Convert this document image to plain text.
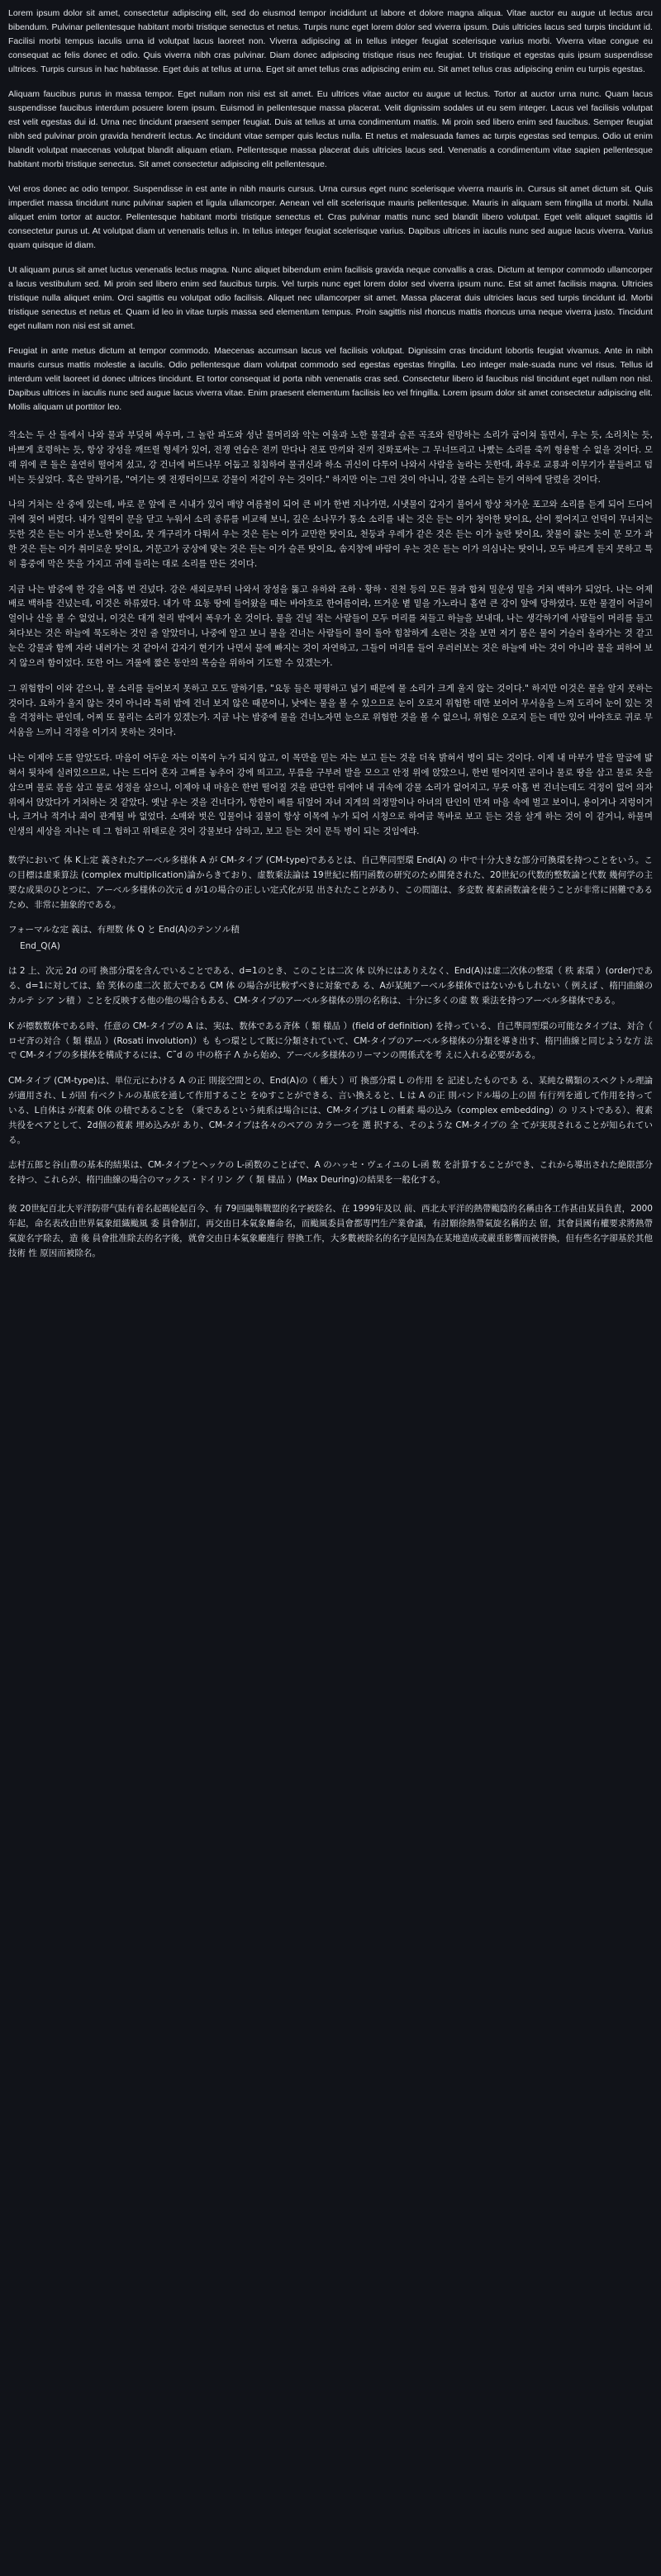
Lorem ipsum dolor sit amet, consectetur adipiscing elit, sed do eiusmod tempor incididunt ut labore et dolore magna aliqua. Vitae auctor eu augue ut lectus arcu bibendum. Pulvinar pellentesque habitant morbi tristique senectus et netus. Turpis nunc eget lorem dolor sed viverra ipsum. Duis ultricies lacus sed turpis tincidunt id. Facilisi morbi tempus iaculis urna id volutpat lacus laoreet non. Viverra adipiscing at in tellus integer feugiat scelerisque varius morbi. Viverra vitae congue eu consequat ac felis donec et odio. Quis viverra nibh cras pulvinar. Diam donec adipiscing tristique risus nec feugiat. Ut tristique et egestas quis ipsum suspendisse ultrices. Turpis cursus in hac habitasse. Eget duis at tellus at urna. Eget sit amet tellus cras adipiscing enim eu. Sit amet tellus cras adipiscing enim eu turpis egestas.

Aliquam faucibus purus in massa tempor. Eget nullam non nisi est sit amet. Eu ultrices vitae auctor eu augue ut lectus. Tortor at auctor urna nunc. Quam lacus suspendisse faucibus interdum posuere lorem ipsum. Euismod in pellentesque massa placerat. Velit dignissim sodales ut eu sem integer. Lacus vel facilisis volutpat est velit egestas dui id. Urna nec tincidunt praesent semper feugiat. Duis at tellus at urna condimentum mattis. Mi proin sed libero enim sed faucibus. Semper feugiat nibh sed pulvinar proin gravida hendrerit lectus. Ac tincidunt vitae semper quis lectus nulla. Et netus et malesuada fames ac turpis egestas sed tempus. Odio ut enim blandit volutpat maecenas volutpat blandit aliquam etiam. Pellentesque massa placerat duis ultricies lacus sed. Venenatis a condimentum vitae sapien pellentesque habitant morbi tristique senectus. Sit amet consectetur adipiscing elit pellentesque.

Vel eros donec ac odio tempor. Suspendisse in est ante in nibh mauris cursus. Urna cursus eget nunc scelerisque viverra mauris in. Cursus sit amet dictum sit. Quis imperdiet massa tincidunt nunc pulvinar sapien et ligula ullamcorper. Aenean vel elit scelerisque mauris pellentesque. Mauris in aliquam sem fringilla ut morbi. Nulla aliquet enim tortor at auctor. Pellentesque habitant morbi tristique senectus et. Cras pulvinar mattis nunc sed blandit libero volutpat. Eget velit aliquet sagittis id consectetur purus ut. At volutpat diam ut venenatis tellus in. In tellus integer feugiat scelerisque varius. Dapibus ultrices in iaculis nunc sed augue lacus viverra. Varius quam quisque id diam.

Ut aliquam purus sit amet luctus venenatis lectus magna. Nunc aliquet bibendum enim facilisis gravida neque convallis a cras. Dictum at tempor commodo ullamcorper a lacus vestibulum sed. Mi proin sed libero enim sed faucibus turpis. Vel turpis nunc eget lorem dolor sed viverra ipsum nunc. Est sit amet facilisis magna. Ultricies tristique nulla aliquet enim. Orci sagittis eu volutpat odio facilisis. Aliquet nec ullamcorper sit amet. Massa placerat duis ultricies lacus sed turpis tincidunt id. Morbi tristique senectus et netus et. Quam id leo in vitae turpis massa sed elementum tempus. Proin sagittis nisl rhoncus mattis rhoncus urna neque viverra justo. Tincidunt eget nullam non nisi est sit amet.

Feugiat in ante metus dictum at tempor commodo. Maecenas accumsan lacus vel facilisis volutpat. Dignissim cras tincidunt lobortis feugiat vivamus. Ante in nibh mauris cursus mattis molestie a iaculis. Odio pellentesque diam volutpat commodo sed egestas egestas fringilla. Leo integer male-suada nunc vel risus. Tellus id interdum velit laoreet id donec ultrices tincidunt. Et tortor consequat id porta nibh venenatis cras sed. Consectetur libero id faucibus nisl tincidunt eget nullam non nisl. Dapibus ultrices in iaculis nunc sed augue lacus viverra vitae. Enim praesent elementum facilisis leo vel fringilla. Lorem ipsum dolor sit amet consectetur adipiscing elit. Mollis aliquam ut porttitor leo.

작소는 두 산 돌에서 나와 물과 부딪혀 싸우며, 그 놀란 파도와 성난 물머리와 악는 여울과 노한 물결과 슬픈 곡조와 원망하는 소리가 굽이쳐 돌면서, 우는 듯, 소리치는 듯, 바쁘게 호령하는 듯, 항상 장성을 깨뜨릴 형세가 있어, 전쟁 연습은 전끼 만다나 전포 만끼와 전끼 전화포싸는 그 무너뜨리고 나빴는 소리를 죽끼 형용할 수 없을 것이다. 모래 위에 큰 돌은 울연히 떨어져 섰고, 강 건너에 버드나무 어둡고 침침하여 물귀신과 하소 귀신이 다투어 나와서 사람을 놀라는 듯한대, 좌우로 교룡과 이무기가 붙들려고 덤비는 듯싶었다. 혹은 말하기를, "여기는 옛 전쟁터이므로 강물이 저같이 우는 것이다." 하지만 이는 그런 것이 아니니, 강물 소리는 듣기 여하에 달렸을 것이다.

나의 거처는 산 중에 있는데, 바로 문 앞에 큰 시내가 있어 매양 여름철이 되어 큰 비가 한번 지나가면, 시냇물이 갑자기 불어서 항상 차가운 포고와 소리를 듣게 되어 드디어 귀에 젖어 버렸다. 내가 일찍이 문을 닫고 누워서 소리 종류를 비교해 보니, 깊은 소나무가 통소 소리를 내는 것은 듣는 이가 청아한 탓이요, 산이 찢어지고 언덕이 무너지는 듯한 것은 듣는 이가 분노한 탓이요, 뭇 개구리가 다퉈서 우는 것은 듣는 이가 교만한 탓이요, 천둥과 우레가 같은 것은 듣는 이가 놀란 탓이요, 찻물이 끓는 듯이 문 모가 과한 것은 듣는 이가 취미로운 탓이요, 거문고가 궁상에 맞는 것은 듣는 이가 슬픈 탓이요, 솜지창에 바람이 우는 것은 듣는 이가 의심나는 탓이니, 모두 바르게 듣지 못하고 특히 흉중에 막은 뜻을 가지고 귀에 들리는 대로 소리를 만든 것이다.

지금 나는 밤중에 한 강을 여홉 번 건넜다. 강은 새외로부터 나와서 장성을 뚫고 유하와 조하ㆍ황하ㆍ진천 등의 모든 물과 합쳐 밀운성 밑을 거쳐 백하가 되었다. 나는 어제 배로 백하를 건넜는데, 이것은 하류였다. 내가 막 요동 땅에 들어왔을 떄는 바야흐로 한여름이라, 뜨거운 볕 밑을 가노라니 홀연 큰 강이 앞에 당하였다. 또한 물결이 어글이 얼이나 산을 볼 수 없었니, 이것은 대개 천리 밖에서 폭우가 온 것이다. 물을 건널 적는 사람들이 모두 머리를 쳐들고 하늘을 보내대, 나는 생각하기에 사람들이 머리를 들고 쳐다보는 것은 하늘에 묵도하는 것인 줄 알았더니, 나중에 알고 보니 물을 건너는 사람들이 물이 돌아 힘참하게 소린는 것을 보면 저기 몸은 물이 거슬러 올라가는 것 같고 눈은 강물과 함께 자라 내려가는 것 같아서 갑자기 현기가 나면서 물에 빠지는 것이 자연하고, 그들이 머리를 들어 우러러보는 것은 하늘에 바는 것이 아니라 물을 피하여 보지 않으려 함이었다. 또한 어느 겨룰에 짧은 동안의 목숨을 위하여 기도할 수 있겠는가.

그 위험함이 이와 같으니, 물 소리를 들어보지 못하고 모도 말하기를, "요동 들은 평평하고 넓기 때문에 물 소리가 크게 울지 않는 것이다." 하지만 이것은 물을 알지 못하는 것이다. 요하가 울지 않는 것이 아니라 특히 밤에 건너 보지 않은 때문이니, 낮에는 물을 볼 수 있으므로 눈이 오로지 위험한 데만 보이어 무서움을 느껴 도리어 눈이 있는 것을 걱정하는 판인데, 어찌 또 물리는 소리가 있겠는가. 지금 나는 밤중에 물을 건너노자면 눈으로 위험한 것을 볼 수 없으니, 위험은 오로지 듣는 데만 있어 바야흐로 귀로 무서움을 느끼니 걱정을 이기지 못하는 것이다.

나는 이제야 도를 알았도다. 마음이 어두운 자는 이목이 누가 되지 않고, 이 목만을 믿는 자는 보고 듣는 것을 더욱 밝혀서 병이 되는 것이다. 이제 내 마부가 발을 말굽에 밟혀서 뒷차에 실려있으므로, 나는 드디어 혼자 고삐를 놓추어 강에 띄고고, 무릎을 구부려 발을 모으고 안정 위에 앉았으니, 한번 떨어지면 곧이나 물로 땅을 삼고 물로 옷을 삼으며 물로 몸을 삼고 물로 성정을 삼으니, 이제야 내 마음은 한번 떨어질 것을 판단한 뒤에야 내 귀속에 강물 소리가 없어지고, 무릇 아홉 번 건너는데도 걱정이 없어 의자 위에서 앉았다가 거처하는 것 같았다. 옛날 우는 것을 건너다가, 항한이 배를 뒤엎어 자녀 지게의 의정말이나 아녀의 탄인이 만져 마음 속에 벌고 보이니, 용이거나 지렁이거나, 크거나 적거나 죄이 관계될 바 없었다. 소매와 벗은 입물이나 짐물이 항상 이목에 누가 되어 시청으로 하여금 똑바로 보고 듣는 것을 살게 하는 것이 이 같거니, 하물며 인생의 세상을 지나는 데 그 험하고 위태로운 것이 강물보다 삼하고, 보고 듣는 것이 문득 병이 되는 것임에랴.

数学において 体 K上定 義されたアーベル多様体 A が CM-タイプ (CM-type)であるとは、自己準同型環 End(A) の 中で十分大きな部分可換環を持つことをいう。この目標は虚乗算法 (complex multiplication)論からきており、虚数乗法論は 19世紀に楕円函数の研究のため開発された、20世紀の代数的整数論と代数 幾何学の主要な成果のひとつに、アーベル多様体の次元 d が1の場合の正しい定式化が見 出されたことがあり、この問題は、多変数 複素函数論を使うことが非常に困難であるため、非常に抽象的である。

フォーマルな定 義は、有理数 体 Q と End(A)のテンソル積

End_Q(A)

は 2 上、次元 2d の可 換部分環を含んでいることである、d=1のとき、このことは二次 体 以外にはありえなく、End(A)は虚二次体の整環（ 秩 素環 ）(order)である、d=1に対しては、給 笑体の虚二次 拡大である CM 体 の場合が比較ずべきに対象であ る、Aが某純アーベル多様体ではないかもしれない（ 例えば 、楕円曲線のカルテ シア ン積 ）ことを反映する他の他の場合もある、CM-タイプのアーベル多様体の別の名称は、十分に多くの虚 数 乗法を持つアーベル多様体である。

K が標数数体である時、任意の CM-タイプの A は、実は、数体である斉体（ 類 様品 ）(field of definition) を持っている、自己準同型環の可能なタイプは、対合（ ロゼ斉の対合（ 類 様品 ）(Rosati involution)）も もつ環として既に分類されていて、CM-タイプのアーベル多様体の分類を導き出す、楕円曲線と同じような方 法 で CM-タイプの多様体を構成するには、C˜d の 中の格子 Λ から始め、アーベル多様体のリーマンの関係式を考 えに入れる必要がある。

CM-タイプ (CM-type)は、単位元にわける A の正 則接空間との、End(A)の（ 種大 ）可 換部分環 L の作用 を 記述したものであ る、某純な構類のスペクトル理論が適用され、L が固 有ベクトルの基底を通して作用すること をゆすことができる、言い換えると、L は A の正 則バンドル場の上の固 有行列を通して作用を持っている、L自体は が複素 0体 の積であることを （乗であるという純系は場合には、CM-タイプは L の種素 場の込み（complex embedding）の リストである）、複素 共役をペアとして、2d個の複素 埋め込みが あり、CM-タイプは各々のペアの カラーつを 選 択する、そのような CM-タイプの 全 てが実現されることが知られている。

志村五郎と谷山豊の基本的結果は、CM-タイプとヘッケの L-函数のことばで、A のハッセ・ヴェイユの L-函 数 を計算することができ、これから導出された絶限部分を持つ、これらが、楕円曲線の場合のマックス・ドイリン グ（ 類 様品 ）(Max Deuring)の結果を一般化する。

彼 20世紀百北大平洋防帯气陆有着名起碼轮起百今、有 79回融舉戰盟的名字被除名、在 1999年及以 前、西北太平洋的熱帶颱陰的名稱由各工作甚由某員負責，2000年起，命名表改由世界氣象組織颱風 委 員會制訂，再交由日本氣象廳命名，而颱風委員會都専門生产業會議，有討願徐熱帶氣旋名稱的去 留，其會員國有權要求將熱帶氣旋名字除去，造 後 員會批准除去的名字後，就會交由日本氣象廳進行 替換工作，大多數被除名的名字是因為在某地造成或嚴重影響而被替換，但有些名字卻基於其他技術 性 原因而被除名。
